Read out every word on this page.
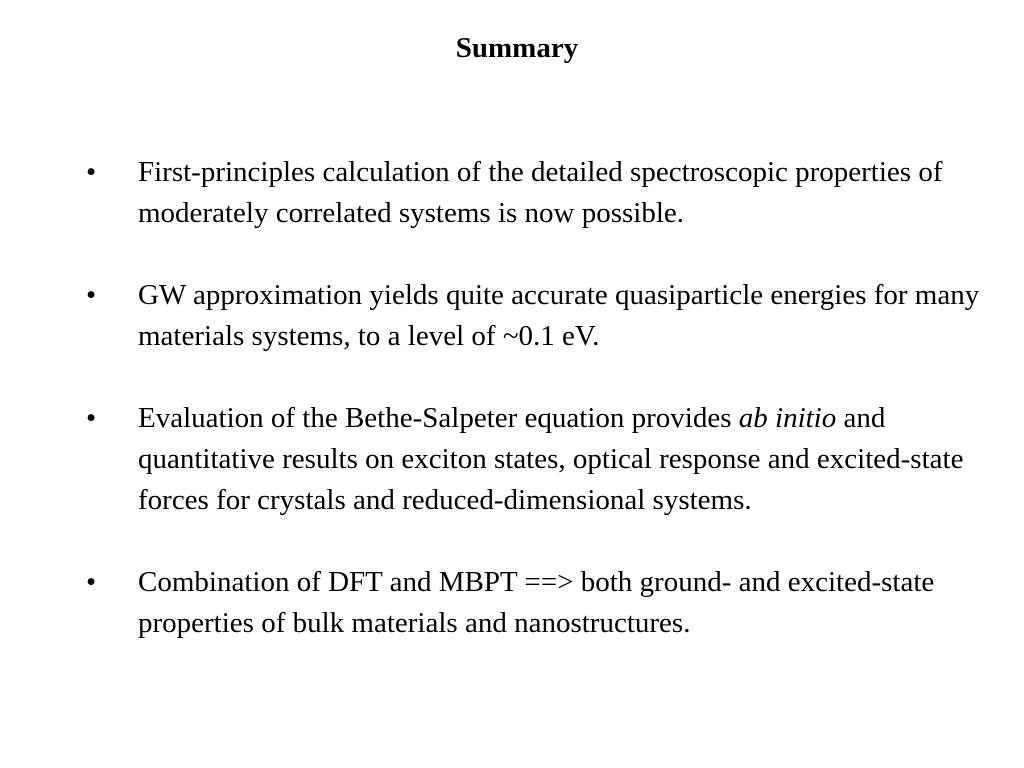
Summary
• First-principles calculation of the detailed spectroscopic properties of moderately correlated systems is now possible.
• GW approximation yields quite accurate quasiparticle energies for many materials systems, to a level of ~0.1 eV.
• Evaluation of the Bethe-Salpeter equation provides ab initio and quantitative results on exciton states, optical response and excited-state forces for crystals and reduced-dimensional systems.
• Combination of DFT and MBPT ==> both ground- and excited-state properties of bulk materials and nanostructures.
